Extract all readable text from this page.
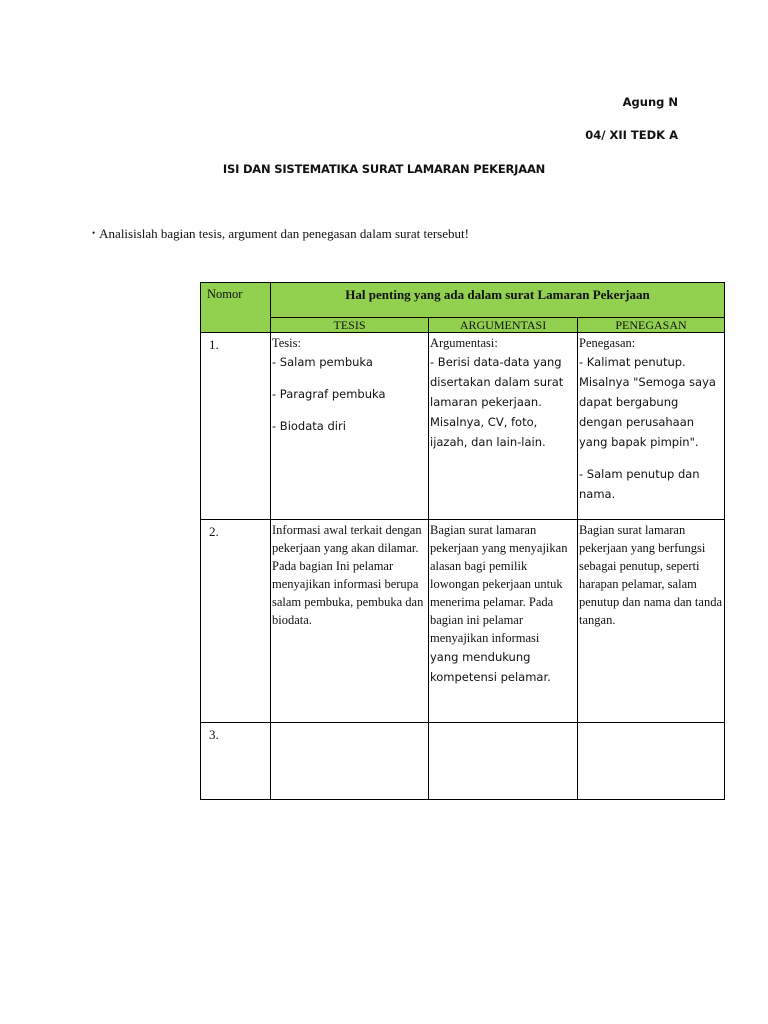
Agung N
04/ XII TEDK A
ISI DAN SISTEMATIKA SURAT LAMARAN PEKERJAAN
• Analisislah bagian tesis, argument dan penegasan dalam surat tersebut!
Nomor	Hal penting yang ada dalam surat Lamaran Pekerjaan		
	TESIS	ARGUMENTASI	PENEGASAN
1.	Tesis:
- Salam pembuka
- Paragraf pembuka
- Biodata diri	Argumentasi:
- Berisi data-data yang disertakan dalam surat lamaran pekerjaan. Misalnya, CV, foto, ijazah, dan lain-lain.	Penegasan:
- Kalimat penutup. Misalnya "Semoga saya dapat bergabung dengan perusahaan yang bapak pimpin".
- Salam penutup dan nama.

2.	Informasi awal terkait dengan pekerjaan yang akan dilamar. Pada bagian Ini pelamar menyajikan informasi berupa salam pembuka, pembuka dan biodata.	Bagian surat lamaran pekerjaan yang menyajikan alasan bagi pemilik lowongan pekerjaan untuk menerima pelamar. Pada bagian ini pelamar menyajikan informasi
yang mendukung kompetensi pelamar.	Bagian surat lamaran pekerjaan yang berfungsi sebagai penutup, seperti harapan pelamar, salam penutup dan nama dan tanda tangan.

3.			
